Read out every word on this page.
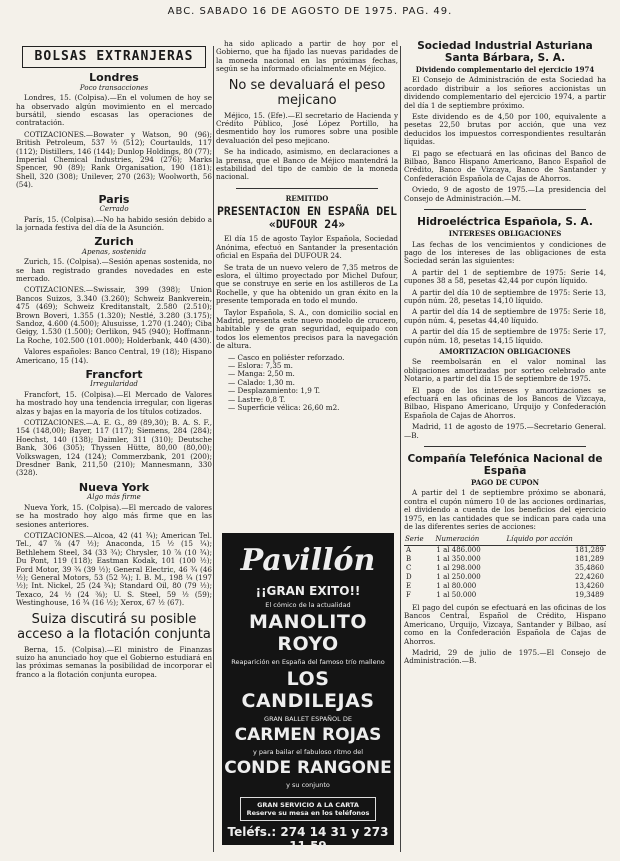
ABC. SABADO 16 DE AGOSTO DE 1975. PAG. 49.
BOLSAS EXTRANJERAS
Londres
Poco transacciones

Londres, 15. (Colpisa).—En el volumen de hoy se ha observado algún movimiento en el mercado bursátil, siendo escasas las operaciones de contratación.

COTIZACIONES.—Bowater y Watson, 90 (96); British Petroleum, 537 ½ (512); Courtaulds, 117 (112); Distillers, 146 (144); Dunlop Holdings, 80 (77); Imperial Chemical Industries, 294 (276); Marks Spencer, 90 (89); Rank Organisation, 190 (181); Shell, 320 (308); Unilever, 270 (263); Woolworth, 56 (54).

Paris
Cerrado

París, 15. (Colpisa).—No ha habido sesión debido a la jornada festiva del día de la Asunción.

Zurich
Apenas, sostenida

Zurich, 15. (Colpisa).—Sesión apenas sostenida, no se han registrado grandes novedades en este mercado.

COTIZACIONES.—Swissair, 399 (398); Union Bancos Suizos, 3.340 (3.260); Schweiz Bankverein, 475 (469); Schweiz Kreditanstalt, 2.580 (2.510); Brown Boveri, 1.355 (1.320); Nestlé, 3.280 (3.175); Sandoz, 4.600 (4.500); Alusuisse, 1.270 (1.240); Ciba Geigy, 1.530 (1.500); Oerlikon, 945 (940); Hoffmann-La Roche, 102.500 (101.000); Holderbank, 440 (430).

Valores españoles: Banco Central, 19 (18); Hispano Americano, 15 (14).

Francfort
Irregularidad

Francfort, 15. (Colpisa).—El Mercado de Valores ha mostrado hoy una tendencia irregular, con ligeras alzas y bajas en la mayoría de los títulos cotizados.

COTIZACIONES.—A. E. G., 89 (89,30); B. A. S. F., 154 (148,00); Bayer, 117 (117); Siemens, 284 (284); Hoechst, 140 (138); Daimler, 311 (310); Deutsche Bank, 306 (305); Thyssen Hütte, 80,00 (80,00); Volkswagen, 124 (124); Commerzbank, 201 (200); Dresdner Bank, 211,50 (210); Mannesmann, 330 (328).

Nueva York
Algo más firme

Nueva York, 15. (Colpisa).—El mercado de valores se ha mostrado hoy algo más firme que en las sesiones anteriores.

COTIZACIONES.—Alcoa, 42 (41 ¾); American Tel. Tel., 47 ⅞ (47 ½); Anaconda, 15 ½ (15 ¼); Bethlehem Steel, 34 (33 ¾); Chrysler, 10 ⅞ (10 ¾); Du Pont, 119 (118); Eastman Kodak, 101 (100 ½); Ford Motor, 39 ¾ (39 ½); General Electric, 46 ¾ (46 ½); General Motors, 53 (52 ¾); I. B. M., 198 ¼ (197 ½); Int. Nickel, 25 (24 ¾); Standard Oil, 80 (79 ½); Texaco, 24 ½ (24 ⅜); U. S. Steel, 59 ½ (59); Westinghouse, 16 ¾ (16 ½); Xerox, 67 ½ (67).

Suiza discutirá su posible acceso a la flotación conjunta

Berna, 15. (Colpisa).—El ministro de Finanzas suizo ha anunciado hoy que el Gobierno estudiará en las próximas semanas la posibilidad de incorporar el franco a la flotación conjunta europea.

ha sido aplicado a partir de hoy por el Gobierno, que ha fijado las nuevas paridades de la moneda nacional en las próximas fechas, según se ha informado oficialmente en Méjico.

No se devaluará el peso mejicano

Méjico, 15. (Efe).—El secretario de Hacienda y Crédito Público, José López Portillo, ha desmentido hoy los rumores sobre una posible devaluación del peso mejicano.

Se ha indicado, asimismo, en declaraciones a la prensa, que el Banco de Méjico mantendrá la estabilidad del tipo de cambio de la moneda nacional.

REMITIDO
PRESENTACION EN ESPAÑA DEL «DUFOUR 24»

El día 15 de agosto Taylor Española, Sociedad Anónima, efectuó en Santander la presentación oficial en España del DUFOUR 24.

Se trata de un nuevo velero de 7,35 metros de eslora, el último proyectado por Michel Dufour, que se construye en serie en los astilleros de La Rochelle, y que ha obtenido un gran éxito en la presente temporada en todo el mundo.

Taylor Española, S. A., con domicilio social en Madrid, presenta este nuevo modelo de crucero, habitable y de gran seguridad, equipado con todos los elementos precisos para la navegación de altura.

— Casco en poliéster reforzado.
— Eslora: 7,35 m.
— Manga: 2,50 m.
— Calado: 1,30 m.
— Desplazamiento: 1,9 T.
— Lastre: 0,8 T.
— Superficie vélica: 26,60 m2.
Pavillón
¡¡GRAN EXITO!!
El cómico de la actualidad
MANOLITO ROYO
Reaparición en España del famoso trío malleno
LOS CANDILEJAS
GRAN BALLET ESPAÑOL DE
CARMEN ROJAS
y para bailar el fabuloso ritmo del
CONDE RANGONE
y su conjunto
GRAN SERVICIO A LA CARTA
Reserve su mesa en los teléfonos
Teléfs.: 274 14 31 y 273 11 59
Sociedad Industrial Asturiana Santa Bárbara, S. A.
Dividendo complementario del ejercicio 1974

El Consejo de Administración de esta Sociedad ha acordado distribuir a los señores accionistas un dividendo complementario del ejercicio 1974, a partir del día 1 de septiembre próximo.

Este dividendo es de 4,50 por 100, equivalente a pesetas 22,50 brutas por acción, que una vez deducidos los impuestos correspondientes resultarán líquidas.

El pago se efectuará en las oficinas del Banco de Bilbao, Banco Hispano Americano, Banco Español de Crédito, Banco de Vizcaya, Banco de Santander y Confederación Española de Cajas de Ahorros.

Oviedo, 9 de agosto de 1975.—La presidencia del Consejo de Administración.—M.

Hidroeléctrica Española, S. A.
INTERESES OBLIGACIONES

Las fechas de los vencimientos y condiciones de pago de los intereses de las obligaciones de esta Sociedad serán las siguientes:

A partir del 1 de septiembre de 1975: Serie 14, cupones 38 a 58, pesetas 42,44 por cupón líquido.

A partir del día 10 de septiembre de 1975: Serie 13, cupón núm. 28, pesetas 14,10 líquido.

A partir del día 14 de septiembre de 1975: Serie 18, cupón núm. 4, pesetas 44,40 líquido.

A partir del día 15 de septiembre de 1975: Serie 17, cupón núm. 18, pesetas 14,15 líquido.

AMORTIZACION OBLIGACIONES

Se reembolsarán en el valor nominal las obligaciones amortizadas por sorteo celebrado ante Notario, a partir del día 15 de septiembre de 1975.

El pago de los intereses y amortizaciones se efectuará en las oficinas de los Bancos de Vizcaya, Bilbao, Hispano Americano, Urquijo y Confederación Española de Cajas de Ahorros.

Madrid, 11 de agosto de 1975.—Secretario General.—B.

Compañía Telefónica Nacional de España
PAGO DE CUPON

A partir del 1 de septiembre próximo se abonará, contra el cupón número 10 de las acciones ordinarias, el dividendo a cuenta de los beneficios del ejercicio 1975, en las cantidades que se indican para cada una de las diferentes series de acciones:

Serie	Numeración	Líquido por acción
A	1 al 486.000	181,289
B	1 al 350.000	181,289
C	1 al 298.000	35,4860
D	1 al 250.000	22,4260
E	1 al 80.000	13,4260
F	1 al 50.000	19,3489

El pago del cupón se efectuará en las oficinas de los Bancos Central, Español de Crédito, Hispano Americano, Urquijo, Vizcaya, Santander y Bilbao, así como en la Confederación Española de Cajas de Ahorros.

Madrid, 29 de julio de 1975.—El Consejo de Administración.—B.
